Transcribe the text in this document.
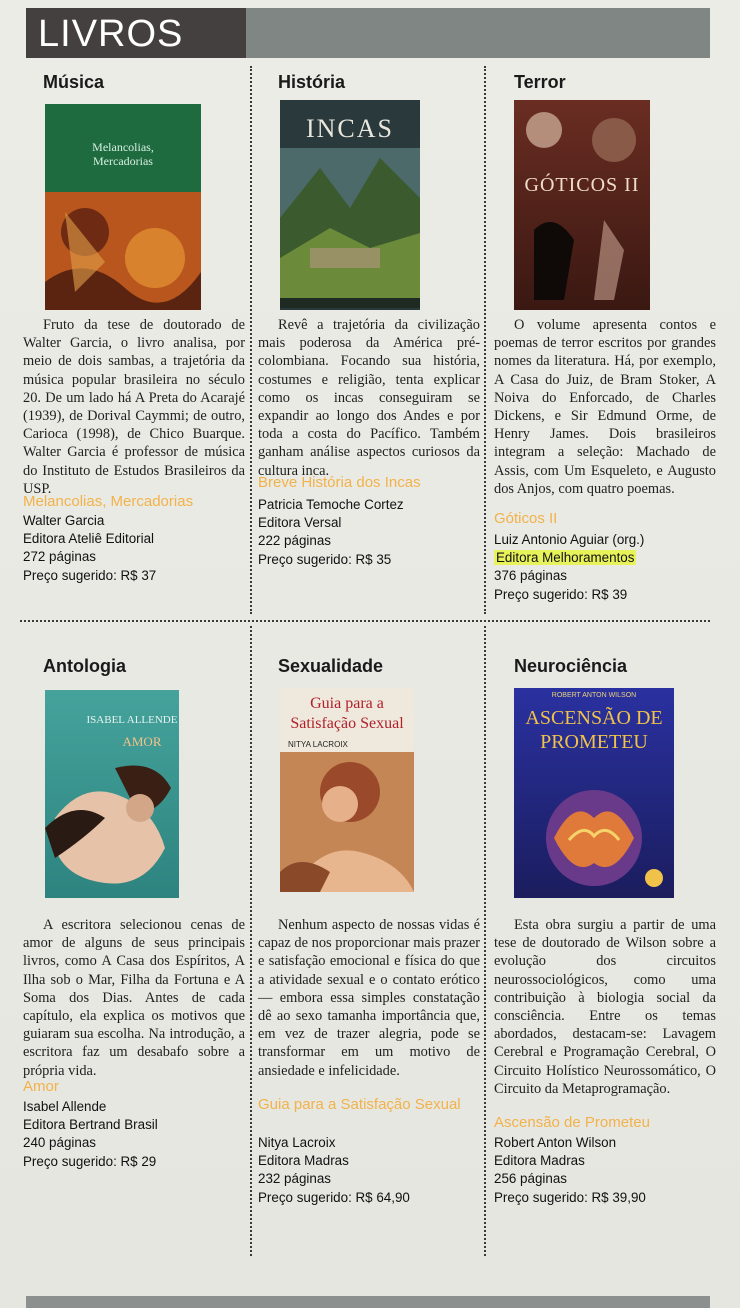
LIVROS
Música
Melancolias, Mercadorias
Fruto da tese de doutorado de Walter Garcia, o livro analisa, por meio de dois sambas, a trajetória da música popular brasileira no século 20. De um lado há A Preta do Acarajé (1939), de Dorival Caymmi; de outro, Carioca (1998), de Chico Buarque. Walter Garcia é professor de música do Instituto de Estudos Brasileiros da USP.
Melancolias, Mercadorias
Walter Garcia
Editora Ateliê Editorial
272 páginas
Preço sugerido: R$ 37
História
INCAS
Revê a trajetória da civilização mais poderosa da América pré-colombiana. Focando sua história, costumes e religião, tenta explicar como os incas conseguiram se expandir ao longo dos Andes e por toda a costa do Pacífico. Também ganham análise aspectos curiosos da cultura inca.
Breve História dos Incas
Patricia Temoche Cortez
Editora Versal
222 páginas
Preço sugerido: R$ 35
Terror
GÓTICOS II
O volume apresenta contos e poemas de terror escritos por grandes nomes da literatura. Há, por exemplo, A Casa do Juiz, de Bram Stoker, A Noiva do Enforcado, de Charles Dickens, e Sir Edmund Orme, de Henry James. Dois brasileiros integram a seleção: Machado de Assis, com Um Esqueleto, e Augusto dos Anjos, com quatro poemas.
Góticos II
Luiz Antonio Aguiar (org.)
Editora Melhoramentos
376 páginas
Preço sugerido: R$ 39
Antologia
ISABEL ALLENDE
AMOR
A escritora selecionou cenas de amor de alguns de seus principais livros, como A Casa dos Espíritos, A Ilha sob o Mar, Filha da Fortuna e A Soma dos Dias. Antes de cada capítulo, ela explica os motivos que guiaram sua escolha. Na introdução, a escritora faz um desabafo sobre a própria vida.
Amor
Isabel Allende
Editora Bertrand Brasil
240 páginas
Preço sugerido: R$ 29
Sexualidade
Guia para a Satisfação Sexual
NITYA LACROIX
Nenhum aspecto de nossas vidas é capaz de nos proporcionar mais prazer e satisfação emocional e física do que a atividade sexual e o contato erótico — embora essa simples constatação dê ao sexo tamanha importância que, em vez de trazer alegria, pode se transformar em um motivo de ansiedade e infelicidade.
Guia para a Satisfação Sexual
Nitya Lacroix
Editora Madras
232 páginas
Preço sugerido: R$ 64,90
Neurociência
ROBERT ANTON WILSON
ASCENSÃO DE PROMETEU
Esta obra surgiu a partir de uma tese de doutorado de Wilson sobre a evolução dos circuitos neurossociológicos, como uma contribuição à biologia social da consciência. Entre os temas abordados, destacam-se: Lavagem Cerebral e Programação Cerebral, O Circuito Holístico Neurossomático, O Circuito da Metaprogramação.
Ascensão de Prometeu
Robert Anton Wilson
Editora Madras
256 páginas
Preço sugerido: R$ 39,90
